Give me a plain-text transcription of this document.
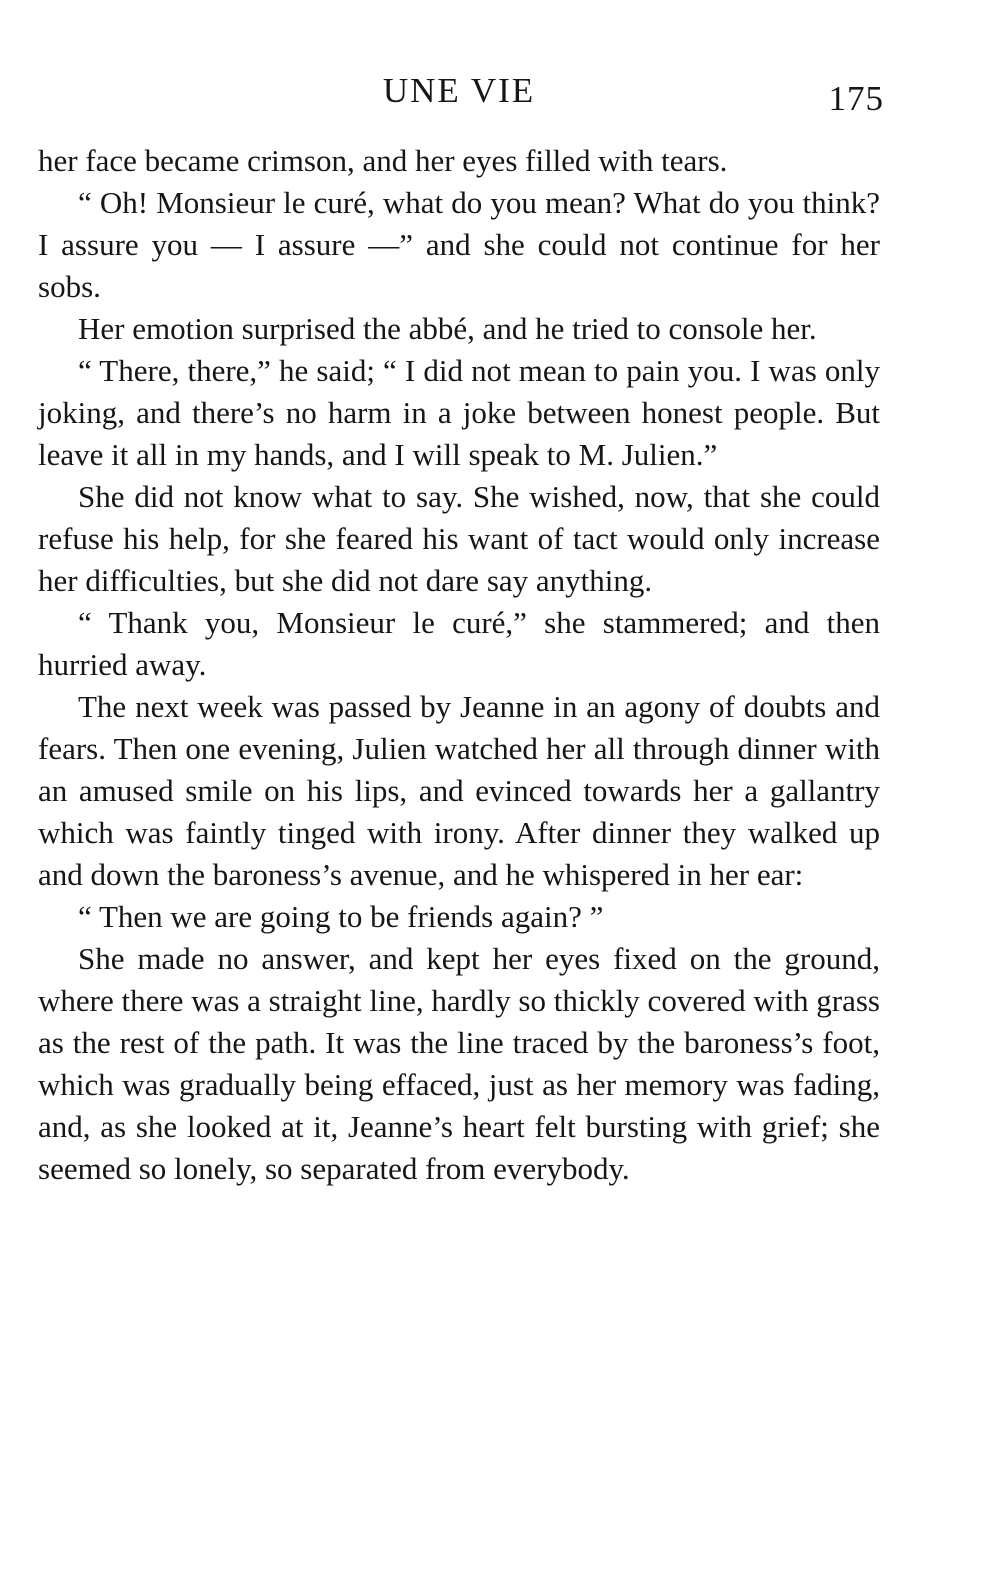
UNE VIE	175

her face became crimson, and her eyes filled with tears.

“ Oh! Monsieur le curé, what do you mean? What do you think? I assure you — I assure —” and she could not continue for her sobs.

Her emotion surprised the abbé, and he tried to console her.

“ There, there,” he said; “ I did not mean to pain you. I was only joking, and there’s no harm in a joke between honest people. But leave it all in my hands, and I will speak to M. Julien.”

She did not know what to say. She wished, now, that she could refuse his help, for she feared his want of tact would only increase her difficulties, but she did not dare say anything.

“ Thank you, Monsieur le curé,” she stammered; and then hurried away.

The next week was passed by Jeanne in an agony of doubts and fears. Then one evening, Julien watched her all through dinner with an amused smile on his lips, and evinced towards her a gallantry which was faintly tinged with irony. After dinner they walked up and down the baroness’s avenue, and he whispered in her ear:

“ Then we are going to be friends again? ”

She made no answer, and kept her eyes fixed on the ground, where there was a straight line, hardly so thickly covered with grass as the rest of the path. It was the line traced by the baroness’s foot, which was gradually being effaced, just as her memory was fading, and, as she looked at it, Jeanne’s heart felt bursting with grief; she seemed so lonely, so separated from everybody.
